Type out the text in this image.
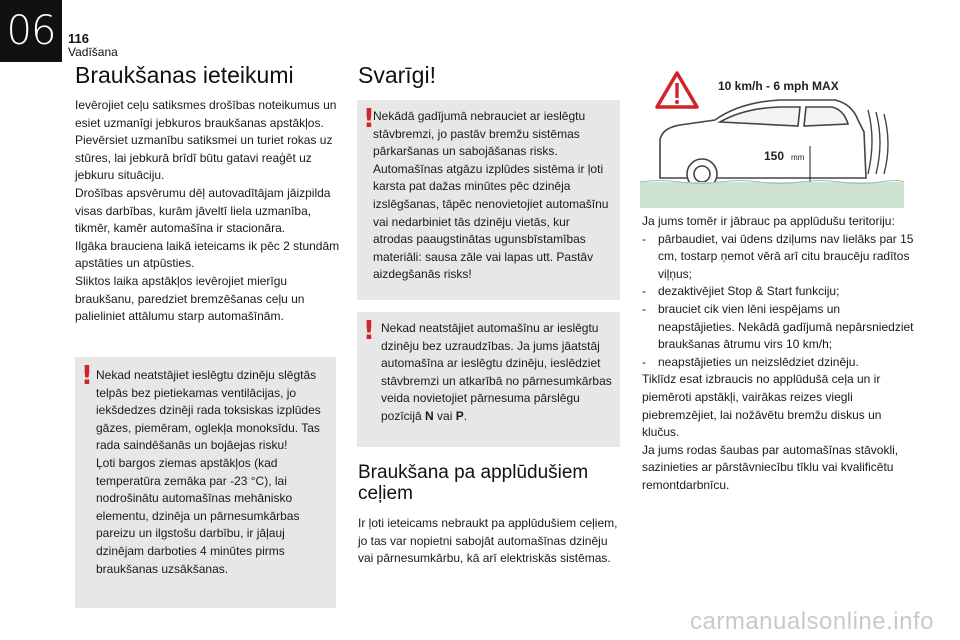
06 116
Vadīšana
Braukšanas ieteikumi

Ievērojiet ceļu satiksmes drošības noteikumus un esiet uzmanīgi jebkuros braukšanas apstākļos.

Pievērsiet uzmanību satiksmei un turiet rokas uz stūres, lai jebkurā brīdī būtu gatavi reaģēt uz jebkuru situāciju.

Drošības apsvērumu dēļ autovadītājam jāizpilda visas darbības, kurām jāveltī liela uzmanība, tikmēr, kamēr automašīna ir stacionāra.

Ilgāka brauciena laikā ieteicams ik pēc 2 stundām apstāties un atpūsties.

Sliktos laika apstākļos ievērojiet mierīgu braukšanu, paredziet bremzēšanas ceļu un palieliniet attālumu starp automašīnām.

! Nekad neatstājiet ieslēgtu dzinēju slēgtās telpās bez pietiekamas ventilācijas, jo iekšdedzes dzinēji rada toksiskas izplūdes gāzes, piemēram, oglekļa monoksīdu. Tas rada saindēšanās un bojāejas risku!

Ļoti bargos ziemas apstākļos (kad temperatūra zemāka par -23 °C), lai nodrošinātu automašīnas mehānisko elementu, dzinēja un pārnesumkārbas pareizu un ilgstošu darbību, ir jāļauj dzinējam darboties 4 minūtes pirms braukšanas uzsākšanas.

Svarīgi!
!
Nekādā gadījumā nebrauciet ar ieslēgtu stāvbremzi, jo pastāv bremžu sistēmas pārkaršanas un sabojāšanas risks. Automašīnas atgāzu izplūdes sistēma ir ļoti karsta pat dažas minūtes pēc dzinēja izslēgšanas, tāpēc nenovietojiet automašīnu vai nedarbiniet tās dzinēju vietās, kur atrodas paaugstinātas ugunsbīstamības materiāli: sausa zāle vai lapas utt. Pastāv aizdegšanās risks!
! Nekad neatstājiet automašīnu ar ieslēgtu dzinēju bez uzraudzības. Ja jums jāatstāj automašīna ar ieslēgtu dzinēju, ieslēdziet stāvbremzi un atkarībā no pārnesumkārbas veida novietojiet pārnesuma pārslēgu pozīcijā N vai P.
Braukšana pa applūdušiem ceļiem
Ir ļoti ieteicams nebraukt pa applūdušiem ceļiem, jo tas var nopietni sabojāt automašīnas dzinēju vai pārnesumkārbu, kā arī elektriskās sistēmas.
10 km/h - 6 mph MAX
150 mm

Ja jums tomēr ir jābrauc pa applūdušu teritoriju:

-	pārbaudiet, vai ūdens dziļums nav lielāks par 15 cm, tostarp ņemot vērā arī citu braucēju radītos viļņus;
-	dezaktivējiet Stop & Start funkciju;
-	brauciet cik vien lēni iespējams un neapstājieties. Nekādā gadījumā nepārsniedziet braukšanas ātrumu virs 10 km/h;
-	neapstājieties un neizslēdziet dzinēju.

Tiklīdz esat izbraucis no applūdušā ceļa un ir piemēroti apstākļi, vairākas reizes viegli piebremzējiet, lai nožāvētu bremžu diskus un klučus.

Ja jums rodas šaubas par automašīnas stāvokli, sazinieties ar pārstāvniecību tīklu vai kvalificētu remontdarbnīcu.

carmanualsonline.info
